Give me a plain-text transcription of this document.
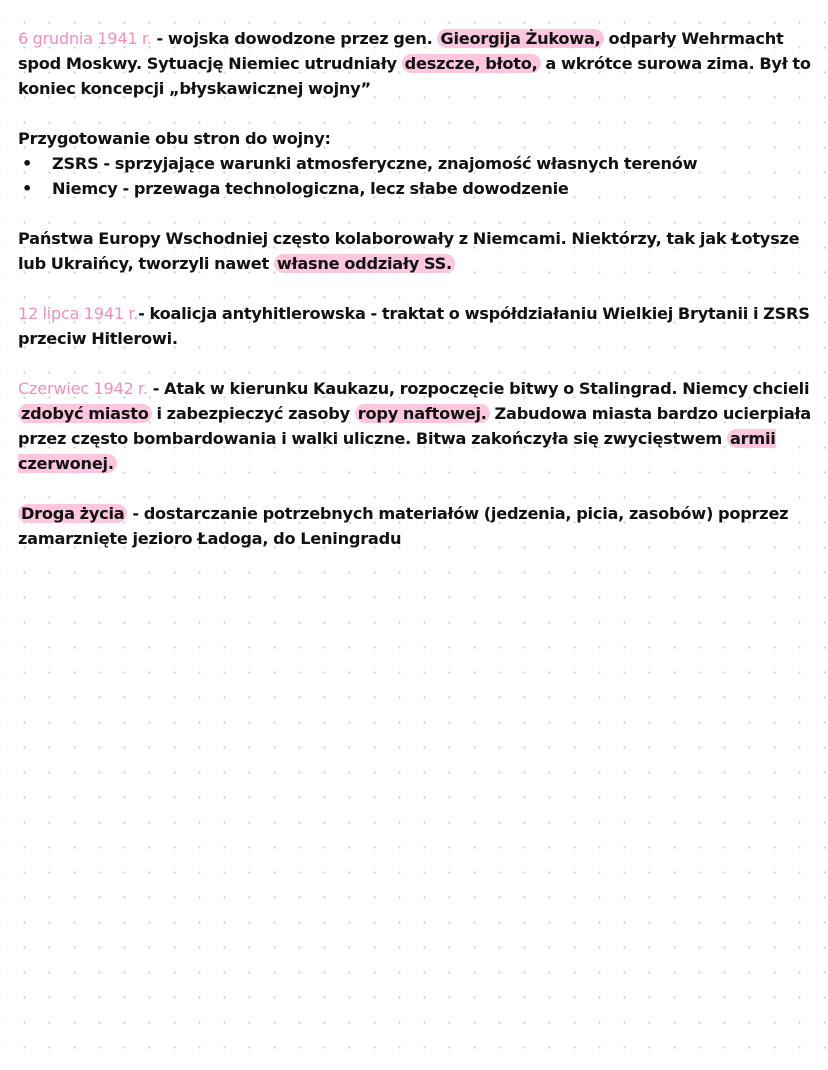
6 grudnia 1941 r. - wojska dowodzone przez gen. Gieorgija Żukowa, odparły Wehrmacht spod Moskwy. Sytuację Niemiec utrudniały deszcze, błoto, a wkrótce surowa zima. Był to koniec koncepcji „błyskawicznej wojny”

Przygotowanie obu stron do wojny:

• ZSRS - sprzyjające warunki atmosferyczne, znajomość własnych terenów
• Niemcy - przewaga technologiczna, lecz słabe dowodzenie

Państwa Europy Wschodniej często kolaborowały z Niemcami. Niektórzy, tak jak Łotysze lub Ukraińcy, tworzyli nawet własne oddziały SS.

12 lipca 1941 r.- koalicja antyhitlerowska - traktat o współdziałaniu Wielkiej Brytanii i ZSRS przeciw Hitlerowi.

Czerwiec 1942 r. - Atak w kierunku Kaukazu, rozpoczęcie bitwy o Stalingrad. Niemcy chcieli zdobyć miasto i zabezpieczyć zasoby ropy naftowej. Zabudowa miasta bardzo ucierpiała przez często bombardowania i walki uliczne. Bitwa zakończyła się zwycięstwem armii czerwonej.

Droga życia - dostarczanie potrzebnych materiałów (jedzenia, picia, zasobów) poprzez zamarznięte jezioro Ładoga, do Leningradu
